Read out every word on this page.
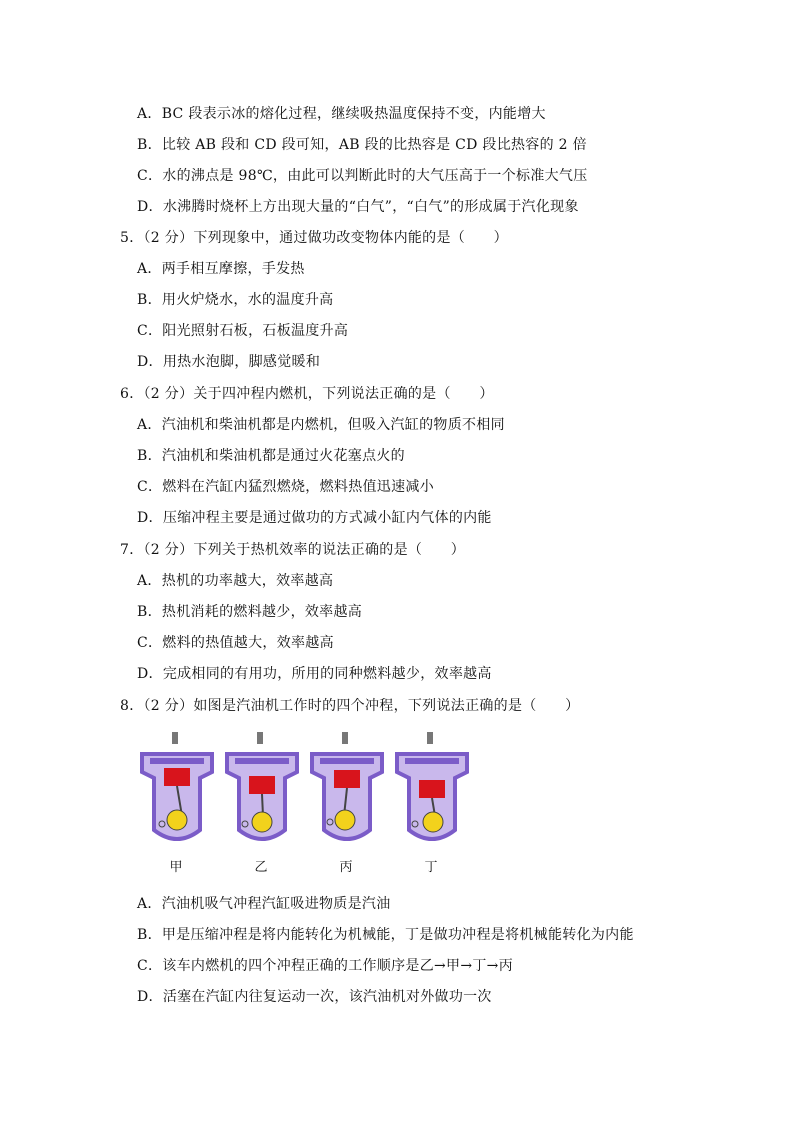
A．BC 段表示冰的熔化过程，继续吸热温度保持不变，内能增大
B．比较 AB 段和 CD 段可知，AB 段的比热容是 CD 段比热容的 2 倍
C．水的沸点是 98℃，由此可以判断此时的大气压高于一个标准大气压
D．水沸腾时烧杯上方出现大量的“白气”，“白气”的形成属于汽化现象
5．（2 分）下列现象中，通过做功改变物体内能的是（　　）
A．两手相互摩擦，手发热
B．用火炉烧水，水的温度升高
C．阳光照射石板，石板温度升高
D．用热水泡脚，脚感觉暖和
6．（2 分）关于四冲程内燃机，下列说法正确的是（　　）
A．汽油机和柴油机都是内燃机，但吸入汽缸的物质不相同
B．汽油机和柴油机都是通过火花塞点火的
C．燃料在汽缸内猛烈燃烧，燃料热值迅速减小
D．压缩冲程主要是通过做功的方式减小缸内气体的内能
7．（2 分）下列关于热机效率的说法正确的是（　　）
A．热机的功率越大，效率越高
B．热机消耗的燃料越少，效率越高
C．燃料的热值越大，效率越高
D．完成相同的有用功，所用的同种燃料越少，效率越高
8．（2 分）如图是汽油机工作时的四个冲程，下列说法正确的是（　　）
甲	乙	丙	丁
A．汽油机吸气冲程汽缸吸进物质是汽油
B．甲是压缩冲程是将内能转化为机械能，丁是做功冲程是将机械能转化为内能
C．该车内燃机的四个冲程正确的工作顺序是乙→甲→丁→丙
D．活塞在汽缸内往复运动一次，该汽油机对外做功一次
